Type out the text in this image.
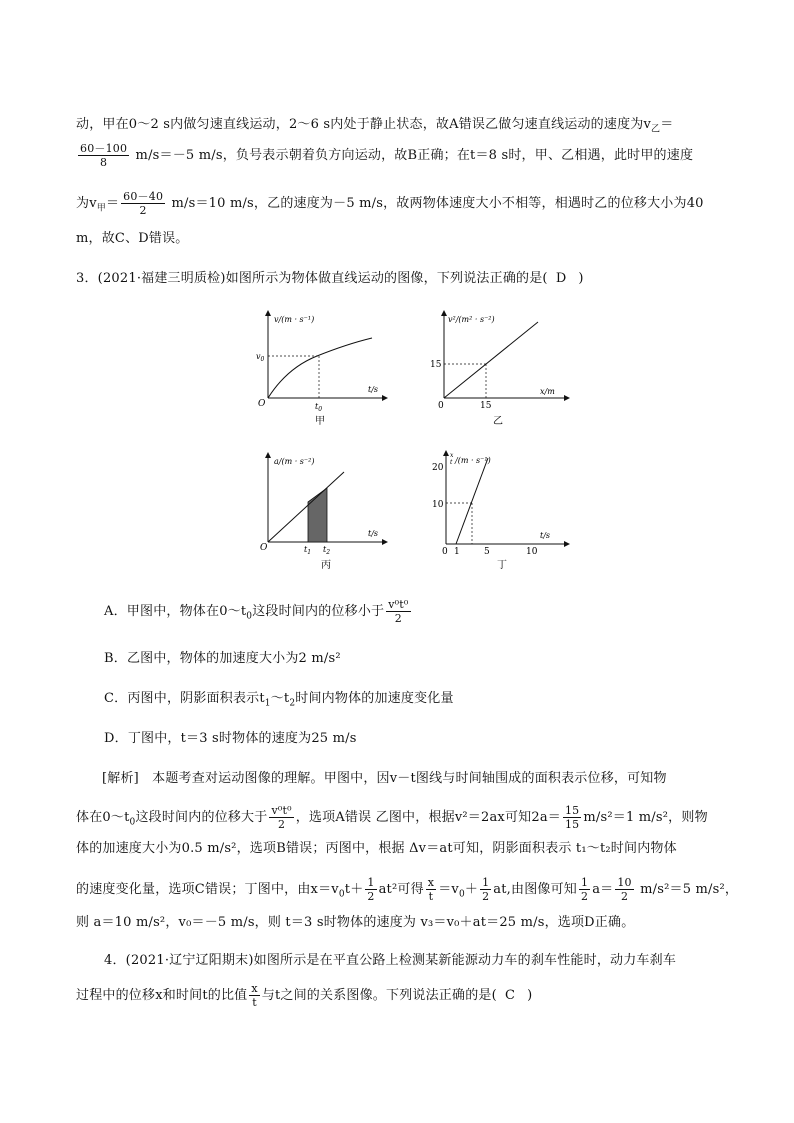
动，甲在0～2 s内做匀速直线运动，2～6 s内处于静止状态，故A错误乙做匀速直线运动的速度为$v_乙=$
$\frac{60-100}{8} m/s=-5$ m/s，负号表示朝着负方向运动，故B正确；在t＝8 s时，甲、乙相遇，此时甲的速度
为$v_甲= \frac{60-40}{2} m/s=10$ m/s，乙的速度为－5 m/s，故两物体速度大小不相等，相遇时乙的位移大小为40
m，故C、D错误。
3．(2021·福建三明质检)如图所示为物体做直线运动的图像，下列说法正确的是( D )
v/(m · s⁻¹)
t/s
O
$v_0$
$t_0$
甲
v²/(m² · s⁻²)
x/m
0
15
15
乙
a/(m · s⁻²)
t/s
O	$t_1$ $t_2$
丙
x
t /(m · s⁻¹)
t/s
0
20
10
1	5	10
丁
A．甲图中，物体在$0\sim t_0$这段时间内的位移小于 $\frac{\text{v⁰t⁰}}{2}$
B．乙图中，物体的加速度大小为2 m/s²
C．丙图中，阴影面积表示$t_1\sim t_2$时间内物体的加速度变化量
D．丁图中，t＝3 s时物体的速度为25 m/s
[解析]　本题考查对运动图像的理解。甲图中，因v－t图线与时间轴围成的面积表示位移，可知物
体在$0\sim t_0$这段时间内的位移大于 $\frac{\text{v⁰t⁰}}{2}$ ，选项A错误 乙图中，根据v²＝2ax可知$2a= \frac{15}{15} m/s^2=1$ m/s²，则物
体的加速度大小为0.5 m/s²，选项B错误；丙图中，根据 Δv＝at可知，阴影面积表示 t₁～t₂时间内物体
的速度变化量，选项C错误；丁图中，由$x=v_0t+ \frac{1}{2} at^2$可得 $\frac{x}{t} =v_0+ \frac{1}{2}$ at,由图像可知 $\frac{1}{2} a= \frac{10}{2} m/s^2=5$ m/s²，
则 a＝10 m/s²，v₀＝－5 m/s，则 t＝3 s时物体的速度为 v₃＝v₀＋at＝25 m/s，选项D正确。
4．(2021·辽宁辽阳期末)如图所示是在平直公路上检测某新能源动力车的刹车性能时，动力车刹车
过程中的位移x和时间t的比值 $\frac{x}{t}$ 与t之间的关系图像。下列说法正确的是( C )
